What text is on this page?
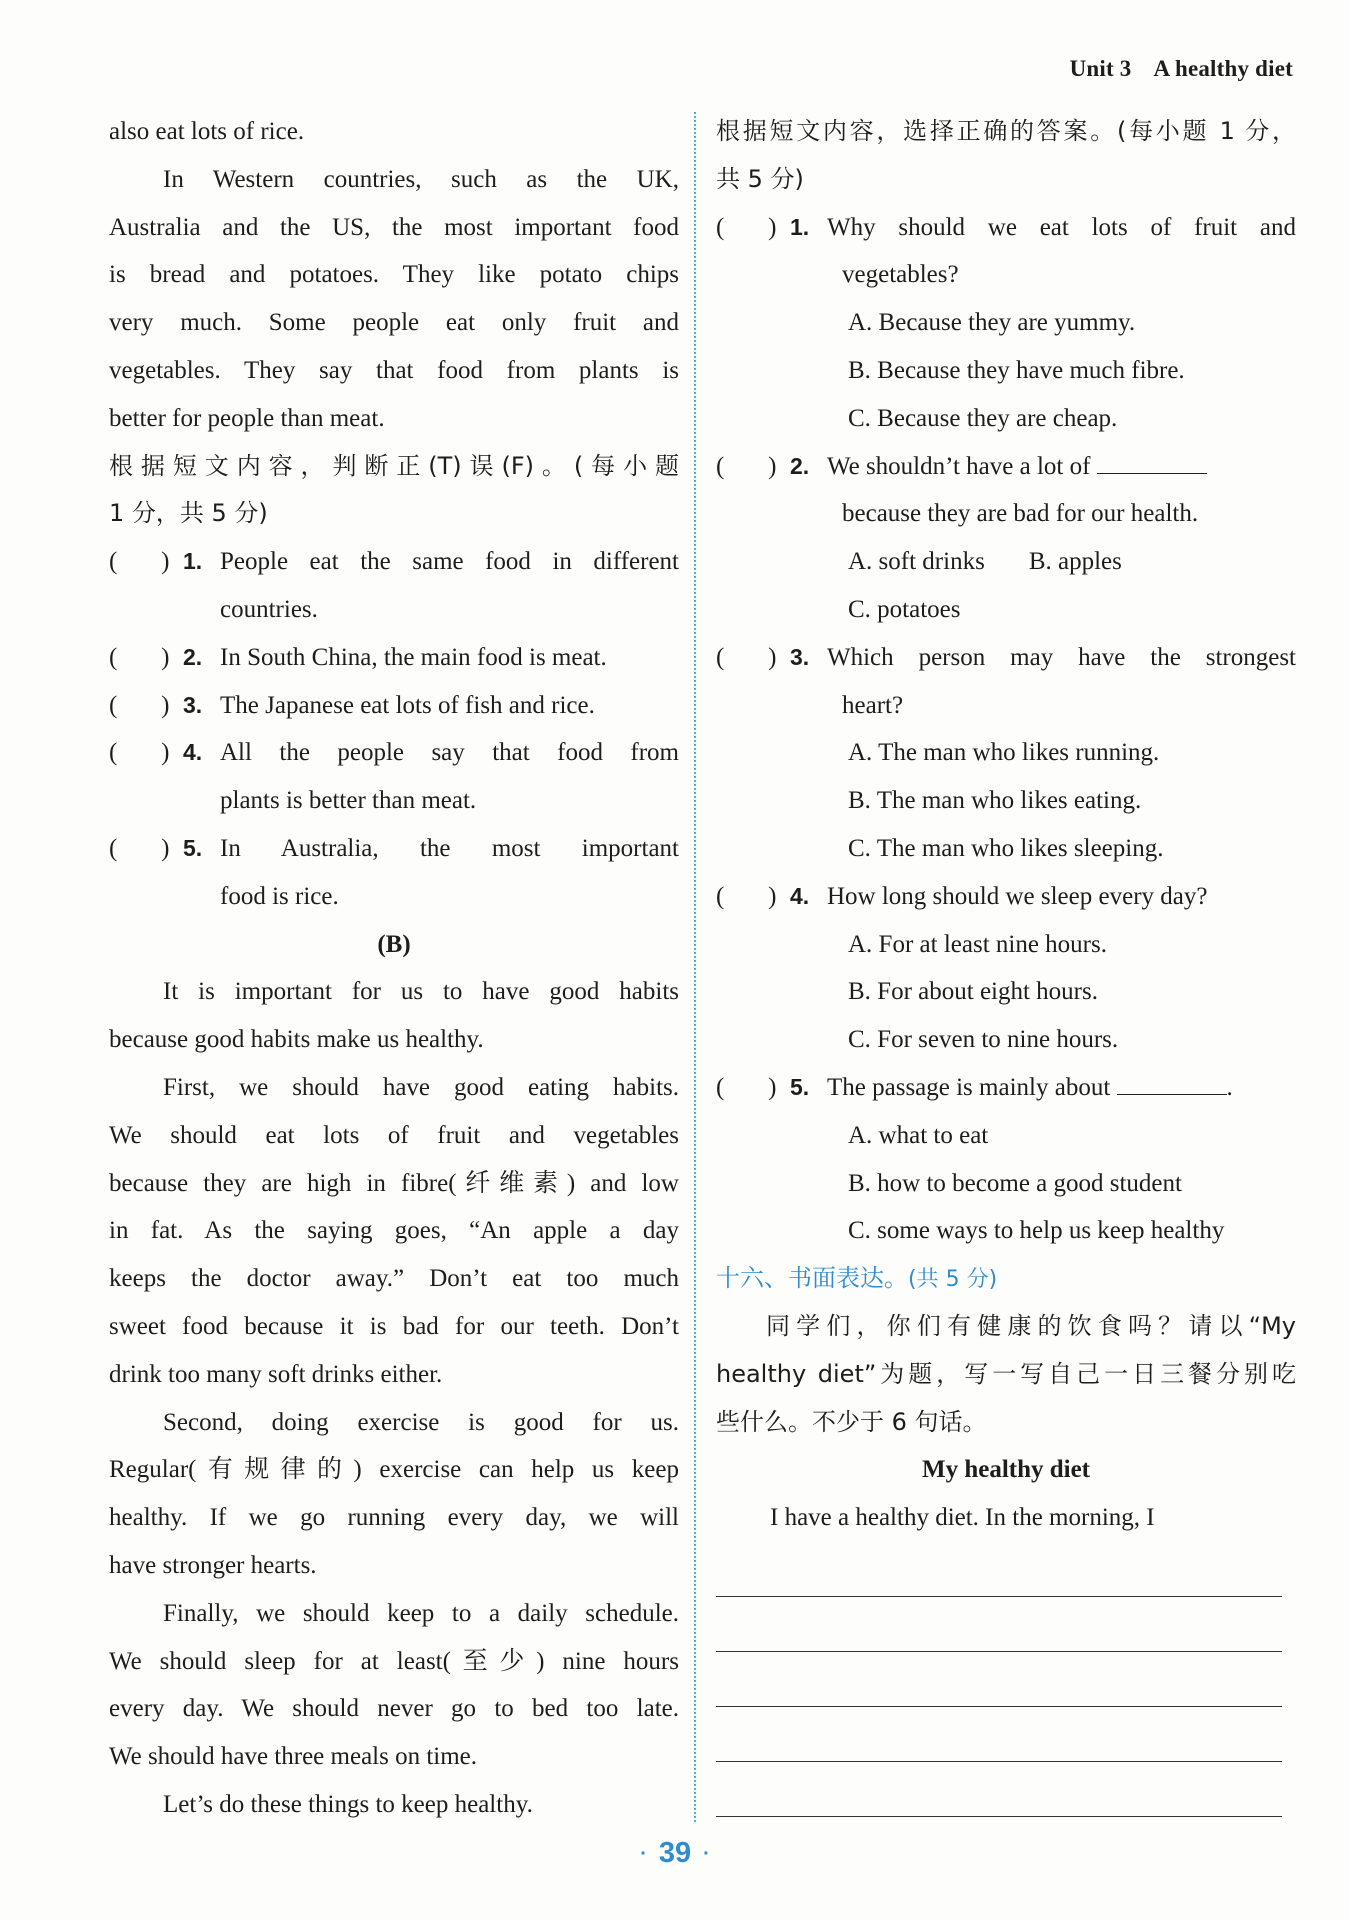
Unit 3 A healthy diet
also eat lots of rice.
In Western countries, such as the UK,
Australia and the US, the most important food
is bread and potatoes. They like potato chips
very much. Some people eat only fruit and
vegetables. They say that food from plants is
better for people than meat.
根据短文内容，判断正(T)误(F)。(每小题
1 分，共 5 分)
(       ) 1. People eat the same food in different
countries.
(       ) 2. In South China, the main food is meat.
(       ) 3. The Japanese eat lots of fish and rice.
(       ) 4. All the people say that food from
plants is better than meat.
(       ) 5. In Australia, the most important
food is rice.
(B)
It is important for us to have good habits
because good habits make us healthy.
First, we should have good eating habits.
We should eat lots of fruit and vegetables
because they are high in fibre(纤维素) and low
in fat. As the saying goes, “An apple a day
keeps the doctor away.” Don’t eat too much
sweet food because it is bad for our teeth. Don’t
drink too many soft drinks either.
Second, doing exercise is good for us.
Regular(有规律的) exercise can help us keep
healthy. If we go running every day, we will
have stronger hearts.
Finally, we should keep to a daily schedule.
We should sleep for at least(至少) nine hours
every day. We should never go to bed too late.
We should have three meals on time.
Let’s do these things to keep healthy.
根据短文内容，选择正确的答案。(每小题 1 分，
共 5 分)
(       ) 1. Why should we eat lots of fruit and
vegetables?
A. Because they are yummy.
B. Because they have much fibre.
C. Because they are cheap.
(       ) 2. We shouldn’t have a lot of
because they are bad for our health.
A. soft drinks B. apples
C. potatoes
(       ) 3. Which person may have the strongest
heart?
A. The man who likes running.
B. The man who likes eating.
C. The man who likes sleeping.
(       ) 4. How long should we sleep every day?
A. For at least nine hours.
B. For about eight hours.
C. For seven to nine hours.
(       ) 5. The passage is mainly about	.
A. what to eat
B. how to become a good student
C. some ways to help us keep healthy
十六、书面表达。(共 5 分)
同学们，你们有健康的饮食吗？请以“My
healthy diet”为题，写一写自己一日三餐分别吃
些什么。不少于 6 句话。
My healthy diet
I have a healthy diet. In the morning, I
· 39 ·
